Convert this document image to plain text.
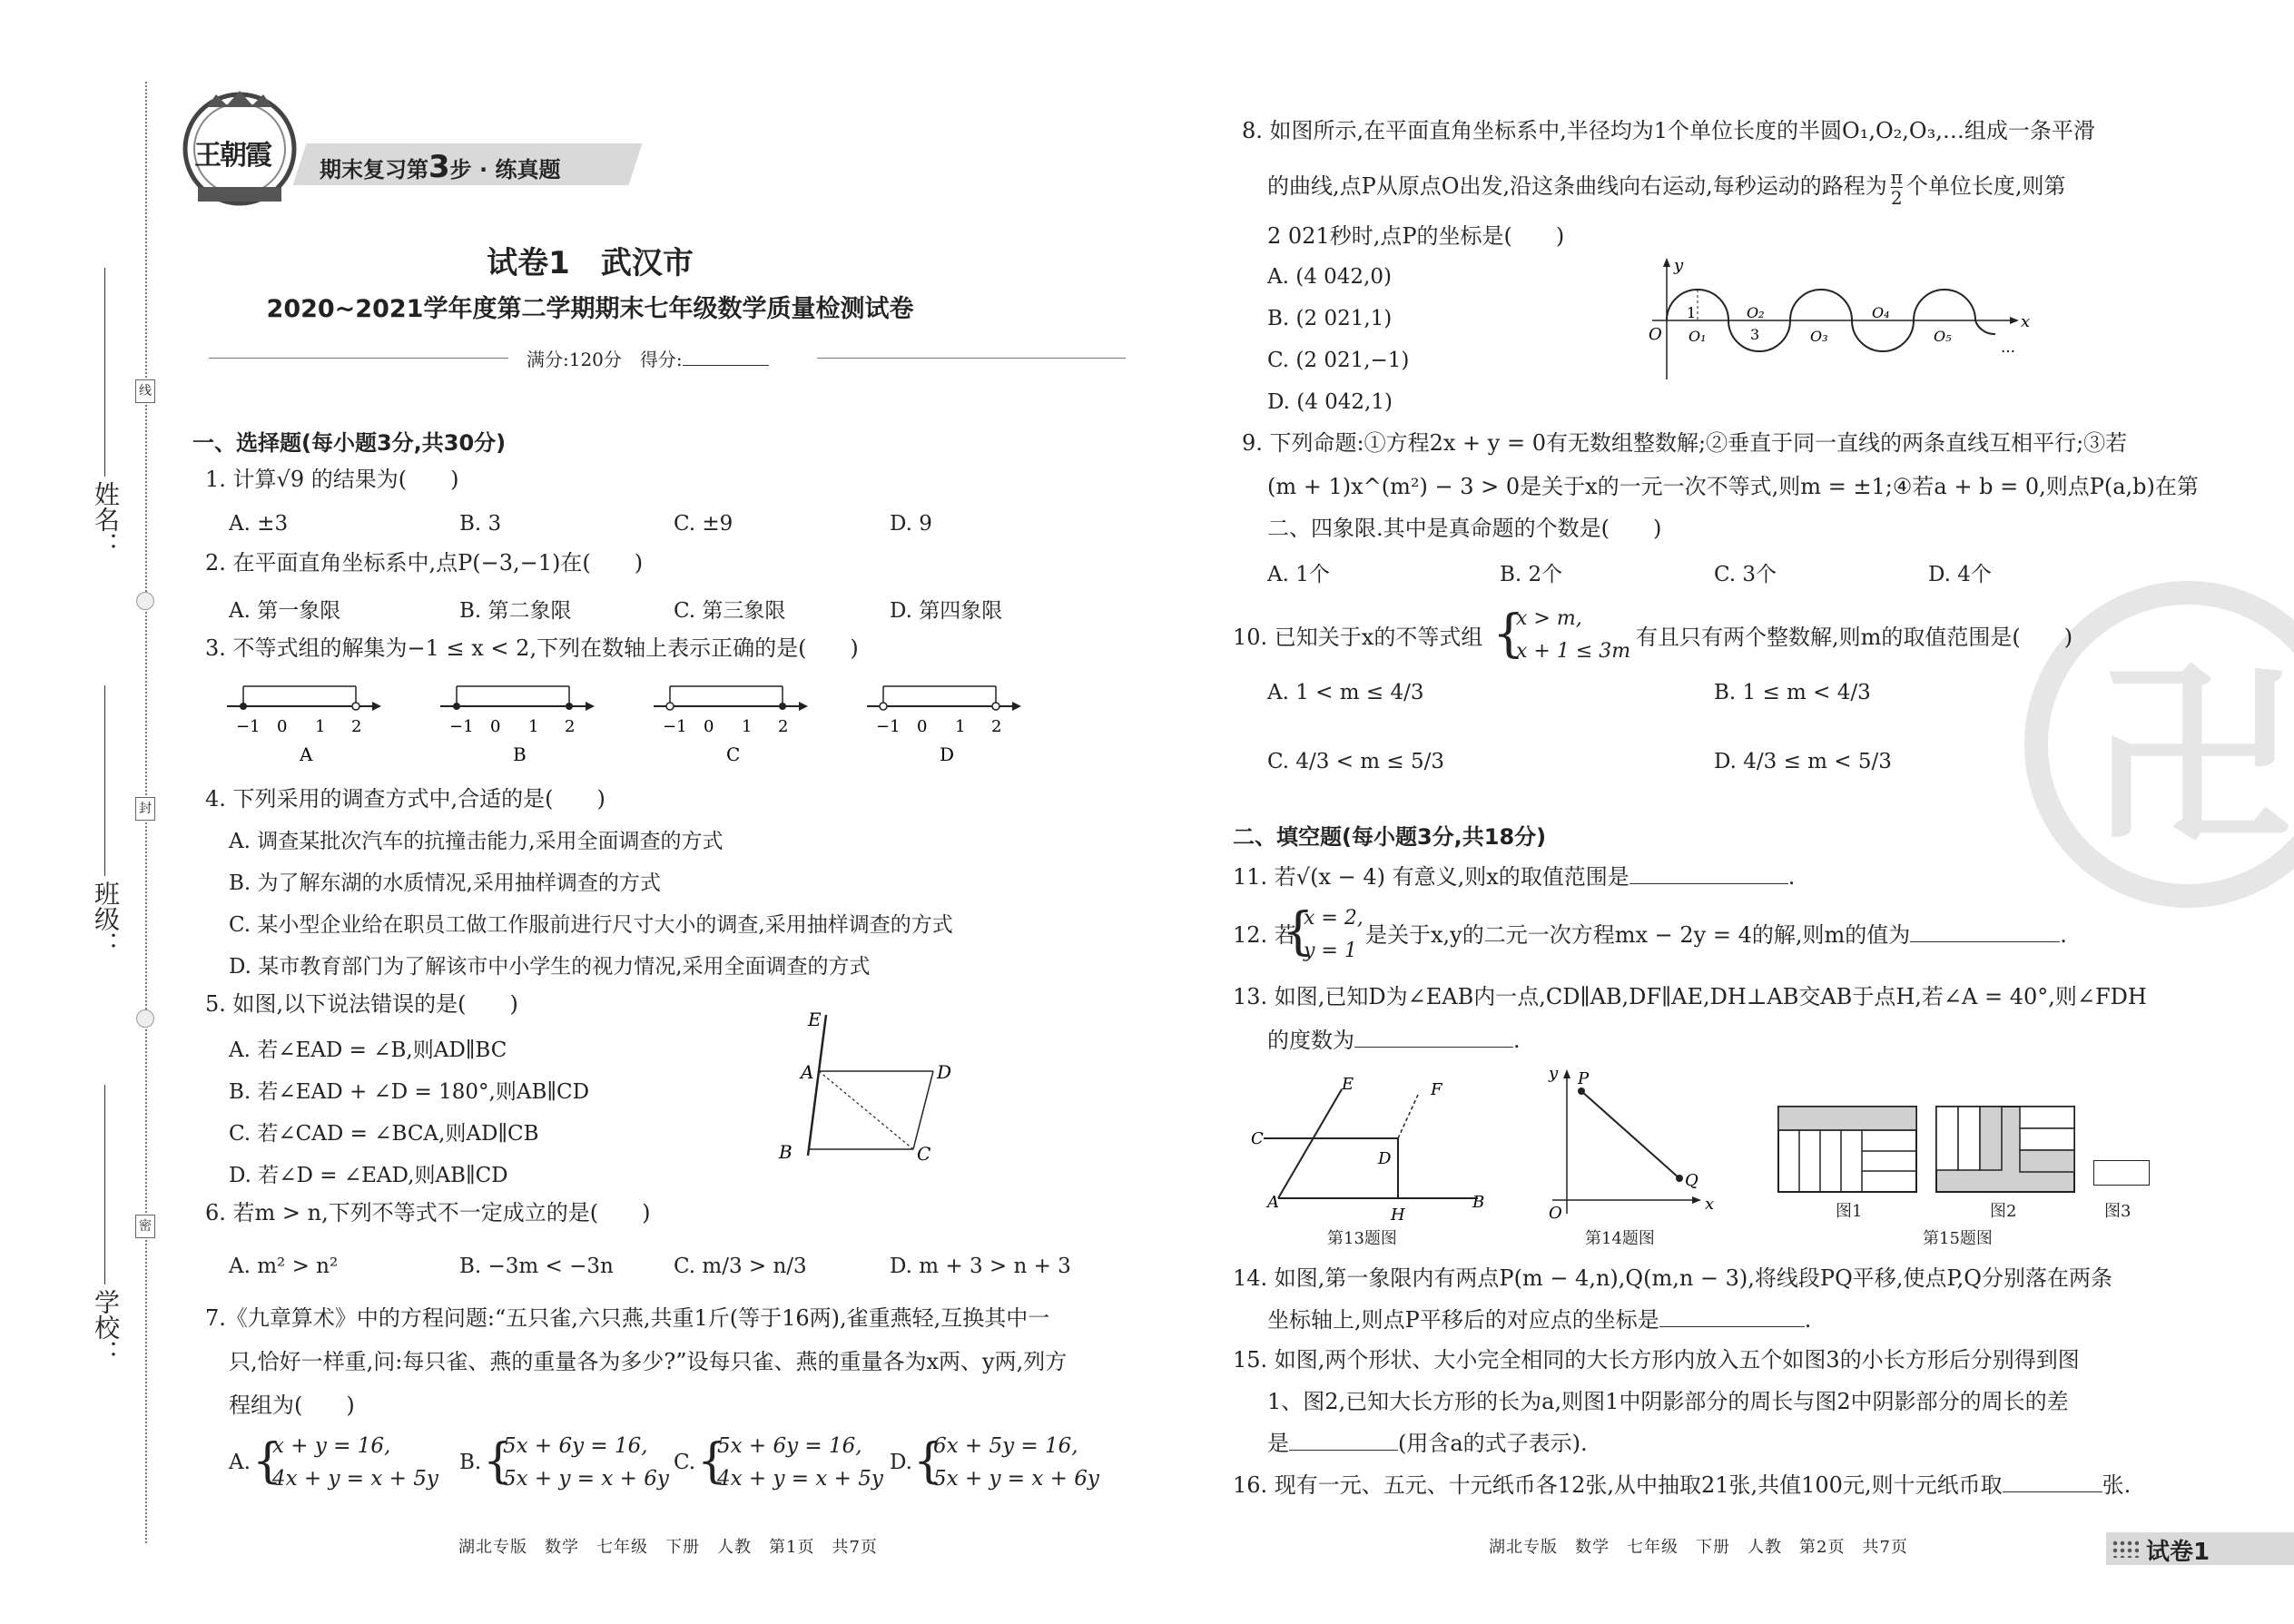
线
封
密
姓名：
班级：
学校：
王朝霞 期末复习第3步 · 练真题
试卷1　武汉市
2020~2021学年度第二学期期末七年级数学质量检测试卷
满分:120分　得分:
一、选择题(每小题3分,共30分)
1. 计算√9 的结果为(　　)
A. ±3	B. 3	C. ±9	D. 9
2. 在平面直角坐标系中,点P(−3,−1)在(　　)
A. 第一象限	B. 第二象限	C. 第三象限	D. 第四象限
3. 不等式组的解集为−1 ≤ x < 2,下列在数轴上表示正确的是(　　)
−1 0 1 2
A
−1 0 1 2
B
−1 0 1 2
C
−1 0 1 2
D
4. 下列采用的调查方式中,合适的是(　　)
A. 调查某批次汽车的抗撞击能力,采用全面调查的方式
B. 为了解东湖的水质情况,采用抽样调查的方式
C. 某小型企业给在职员工做工作服前进行尺寸大小的调查,采用抽样调查的方式
D. 某市教育部门为了解该市中小学生的视力情况,采用全面调查的方式
5. 如图,以下说法错误的是(　　)
A. 若∠EAD = ∠B,则AD∥BC
B. 若∠EAD + ∠D = 180°,则AB∥CD
C. 若∠CAD = ∠BCA,则AD∥CB
D. 若∠D = ∠EAD,则AB∥CD
E
A	D
B	C
6. 若m > n,下列不等式不一定成立的是(　　)
A. m² > n²	B. −3m < −3n	C. m/3 > n/3	D. m + 3 > n + 3
7.《九章算术》中的方程问题:“五只雀,六只燕,共重1斤(等于16两),雀重燕轻,互换其中一
只,恰好一样重,问:每只雀、燕的重量各为多少?”设每只雀、燕的重量各为x两、y两,列方
程组为(　　)
A. {
x + y = 16,
4x + y = x + 5y
B. {
5x + 6y = 16,
5x + y = x + 6y
C. {
5x + 6y = 16,
4x + y = x + 5y
D. {
6x + 5y = 16,
5x + y = x + 6y
湖北专版　数学　七年级　下册　人教　第1页　共7页
卍
8. 如图所示,在平面直角坐标系中,半径均为1个单位长度的半圆O₁,O₂,O₃,…组成一条平滑
的曲线,点P从原点O出发,沿这条曲线向右运动,每秒运动的路程为 $\frac{\pi}{2}$ 个单位长度,则第
2 021秒时,点P的坐标是(　　)
A. (4 042,0)
B. (2 021,1)
C. (2 021,−1)
D. (4 042,1)
y
x
O
1
O₁
O₂
3	O₃
O₄
O₅
…
9. 下列命题:①方程2x + y = 0有无数组整数解;②垂直于同一直线的两条直线互相平行;③若
(m + 1)x^(m²) − 3 > 0是关于x的一元一次不等式,则m = ±1;④若a + b = 0,则点P(a,b)在第
二、四象限.其中是真命题的个数是(　　)
A. 1个	B. 2个	C. 3个	D. 4个
10. 已知关于x的不等式组 {
x > m,
x + 1 ≤ 3m
有且只有两个整数解,则m的取值范围是(　　)
A. 1 < m ≤ 4/3	B. 1 ≤ m < 4/3
C. 4/3 < m ≤ 5/3	D. 4/3 ≤ m < 5/3
二、填空题(每小题3分,共18分)
11. 若√(x − 4) 有意义,则x的取值范围是	.
12. 若
{
x = 2,
y = 1
是关于x,y的二元一次方程mx − 2y = 4的解,则m的值为	.
13. 如图,已知D为∠EAB内一点,CD∥AB,DF∥AE,DH⊥AB交AB于点H,若∠A = 40°,则∠FDH
的度数为	.
E	F
C
D
A
H
B
第13题图
y P
Q
O	x
第14题图
图1	图2	图3
第15题图
14. 如图,第一象限内有两点P(m − 4,n),Q(m,n − 3),将线段PQ平移,使点P,Q分别落在两条
坐标轴上,则点P平移后的对应点的坐标是	.
15. 如图,两个形状、大小完全相同的大长方形内放入五个如图3的小长方形后分别得到图
1、图2,已知大长方形的长为a,则图1中阴影部分的周长与图2中阴影部分的周长的差
是	(用含a的式子表示).
16. 现有一元、五元、十元纸币各12张,从中抽取21张,共值100元,则十元纸币取	张.
湖北专版　数学　七年级　下册　人教　第2页　共7页	试卷1
